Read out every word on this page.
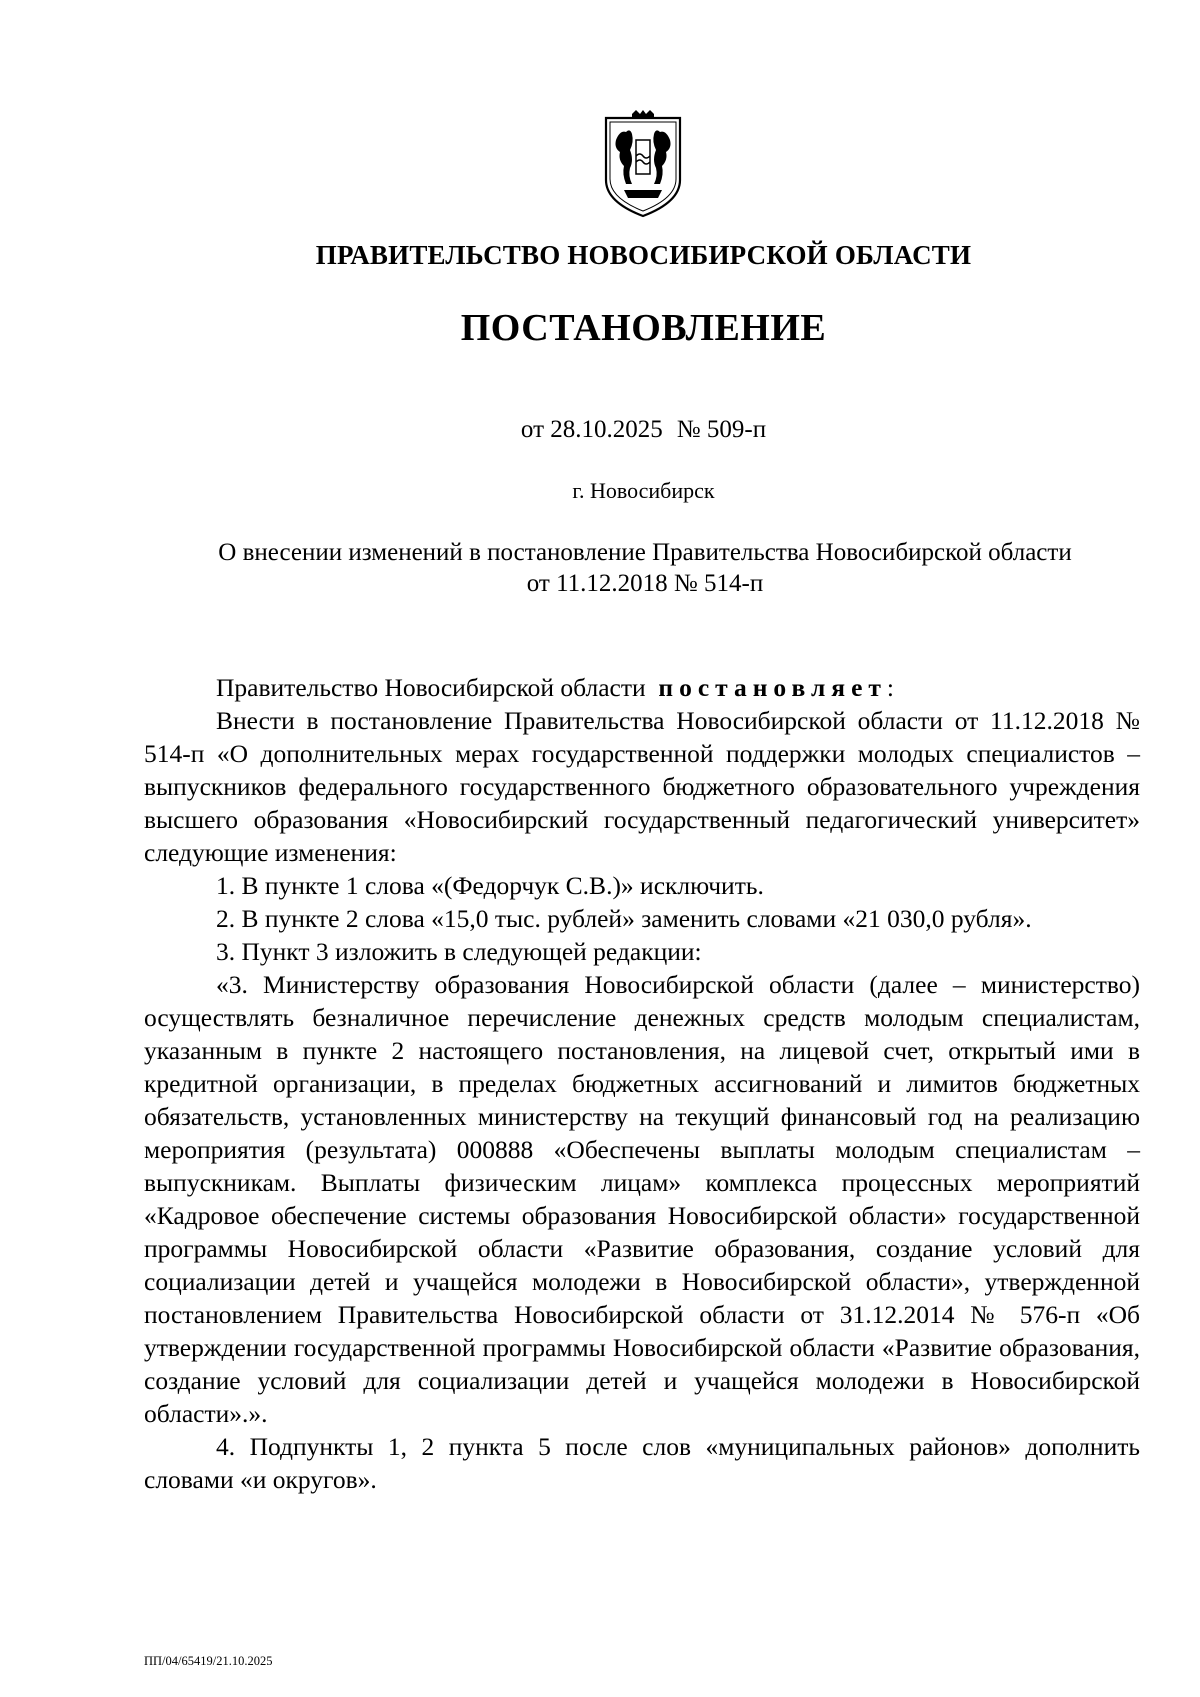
ПРАВИТЕЛЬСТВО НОВОСИБИРСКОЙ ОБЛАСТИ
ПОСТАНОВЛЕНИЕ
от 28.10.2025 № 509-п
г. Новосибирск
О внесении изменений в постановление Правительства Новосибирской области
от 11.12.2018 № 514-п

Правительство Новосибирской области постановляет:

Внести в постановление Правительства Новосибирской области от 11.12.2018 № 514-п «О дополнительных мерах государственной поддержки молодых специалистов – выпускников федерального государственного бюджетного образовательного учреждения высшего образования «Новосибирский государственный педагогический университет» следующие изменения:

1. В пункте 1 слова «(Федорчук С.В.)» исключить.

2. В пункте 2 слова «15,0 тыс. рублей» заменить словами «21 030,0 рубля».

3. Пункт 3 изложить в следующей редакции:

«3. Министерству образования Новосибирской области (далее – министерство) осуществлять безналичное перечисление денежных средств молодым специалистам, указанным в пункте 2 настоящего постановления, на лицевой счет, открытый ими в кредитной организации, в пределах бюджетных ассигнований и лимитов бюджетных обязательств, установленных министерству на текущий финансовый год на реализацию мероприятия (результата) 000888 «Обеспечены выплаты молодым специалистам – выпускникам. Выплаты физическим лицам» комплекса процессных мероприятий «Кадровое обеспечение системы образования Новосибирской области» государственной программы Новосибирской области «Развитие образования, создание условий для социализации детей и учащейся молодежи в Новосибирской области», утвержденной постановлением Правительства Новосибирской области от 31.12.2014 № 576-п «Об утверждении государственной программы Новосибирской области «Развитие образования, создание условий для социализации детей и учащейся молодежи в Новосибирской области».».

4. Подпункты 1, 2 пункта 5 после слов «муниципальных районов» дополнить словами «и округов».

ПП/04/65419/21.10.2025
